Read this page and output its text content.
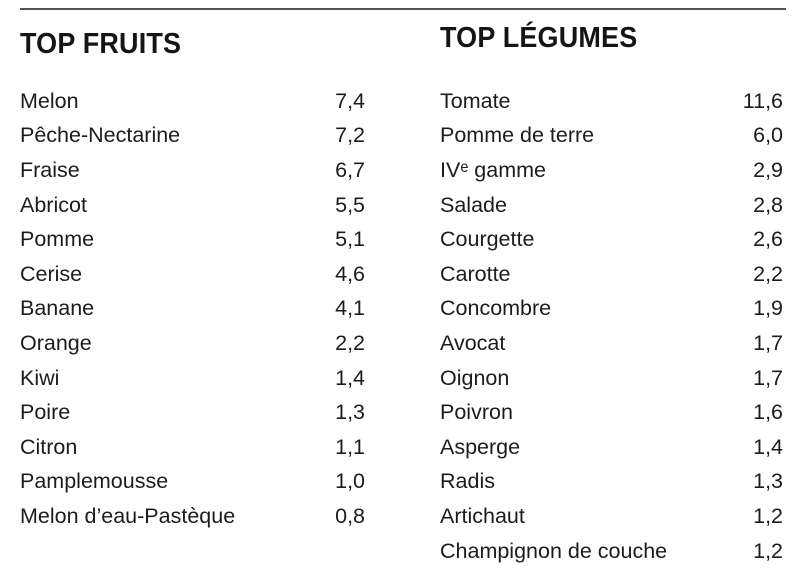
TOP FRUITS
Melon	7,4
Pêche-Nectarine	7,2
Fraise	6,7
Abricot	5,5
Pomme	5,1
Cerise	4,6
Banane	4,1
Orange	2,2
Kiwi	1,4
Poire	1,3
Citron	1,1
Pamplemousse	1,0
Melon d’eau-Pastèque	0,8
TOP LÉGUMES
Tomate	11,6
Pomme de terre	6,0
IVᵉ gamme	2,9
Salade	2,8
Courgette	2,6
Carotte	2,2
Concombre	1,9
Avocat	1,7
Oignon	1,7
Poivron	1,6
Asperge	1,4
Radis	1,3
Artichaut	1,2
Champignon de couche	1,2
